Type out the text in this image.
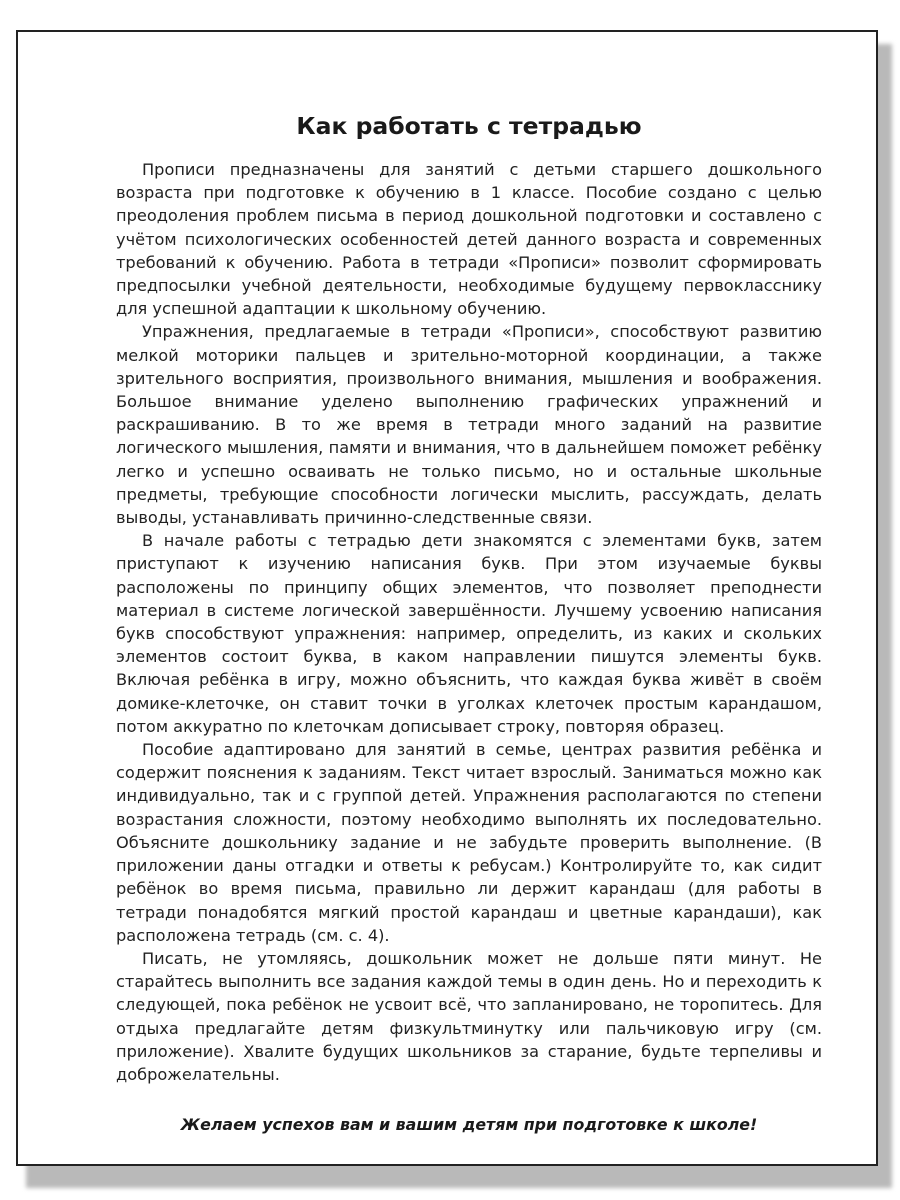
Как работать с тетрадью

Прописи предназначены для занятий с детьми старшего дошкольного возраста при подготовке к обучению в 1 классе. Пособие создано с целью преодоления проблем письма в период дошкольной подготовки и составлено с учётом психологических особенностей детей данного возраста и современных требований к обучению. Работа в тетради «Прописи» позволит сформировать предпосылки учебной деятельности, необходимые будущему первокласснику для успешной адаптации к школьному обучению.

Упражнения, предлагаемые в тетради «Прописи», способствуют развитию мелкой моторики пальцев и зрительно-моторной координации, а также зрительного восприятия, произвольного внимания, мышления и воображения. Большое внимание уделено выполнению графических упражнений и раскрашиванию. В то же время в тетради много заданий на развитие логического мышления, памяти и внимания, что в дальнейшем поможет ребёнку легко и успешно осваивать не только письмо, но и остальные школьные предметы, требующие способности логически мыслить, рассуждать, делать выводы, устанавливать причинно-следственные связи.

В начале работы с тетрадью дети знакомятся с элементами букв, затем приступают к изучению написания букв. При этом изучаемые буквы расположены по принципу общих элементов, что позволяет преподнести материал в системе логической завершённости. Лучшему усвоению написания букв способствуют упражнения: например, определить, из каких и скольких элементов состоит буква, в каком направлении пишутся элементы букв. Включая ребёнка в игру, можно объяснить, что каждая буква живёт в своём домике-клеточке, он ставит точки в уголках клеточек простым карандашом, потом аккуратно по клеточкам дописывает строку, повторяя образец.

Пособие адаптировано для занятий в семье, центрах развития ребёнка и содержит пояснения к заданиям. Текст читает взрослый. Заниматься можно как индивидуально, так и с группой детей. Упражнения располагаются по степени возрастания сложности, поэтому необходимо выполнять их последовательно. Объясните дошкольнику задание и не забудьте проверить выполнение. (В приложении даны отгадки и ответы к ребусам.) Контролируйте то, как сидит ребёнок во время письма, правильно ли держит карандаш (для работы в тетради понадобятся мягкий простой карандаш и цветные карандаши), как расположена тетрадь (см. с. 4).

Писать, не утомляясь, дошкольник может не дольше пяти минут. Не старайтесь выполнить все задания каждой темы в один день. Но и переходить к следующей, пока ребёнок не усвоит всё, что запланировано, не торопитесь. Для отдыха предлагайте детям физкультминутку или пальчиковую игру (см. приложение). Хвалите будущих школьников за старание, будьте терпеливы и доброжелательны.

Желаем успехов вам и вашим детям при подготовке к школе!
